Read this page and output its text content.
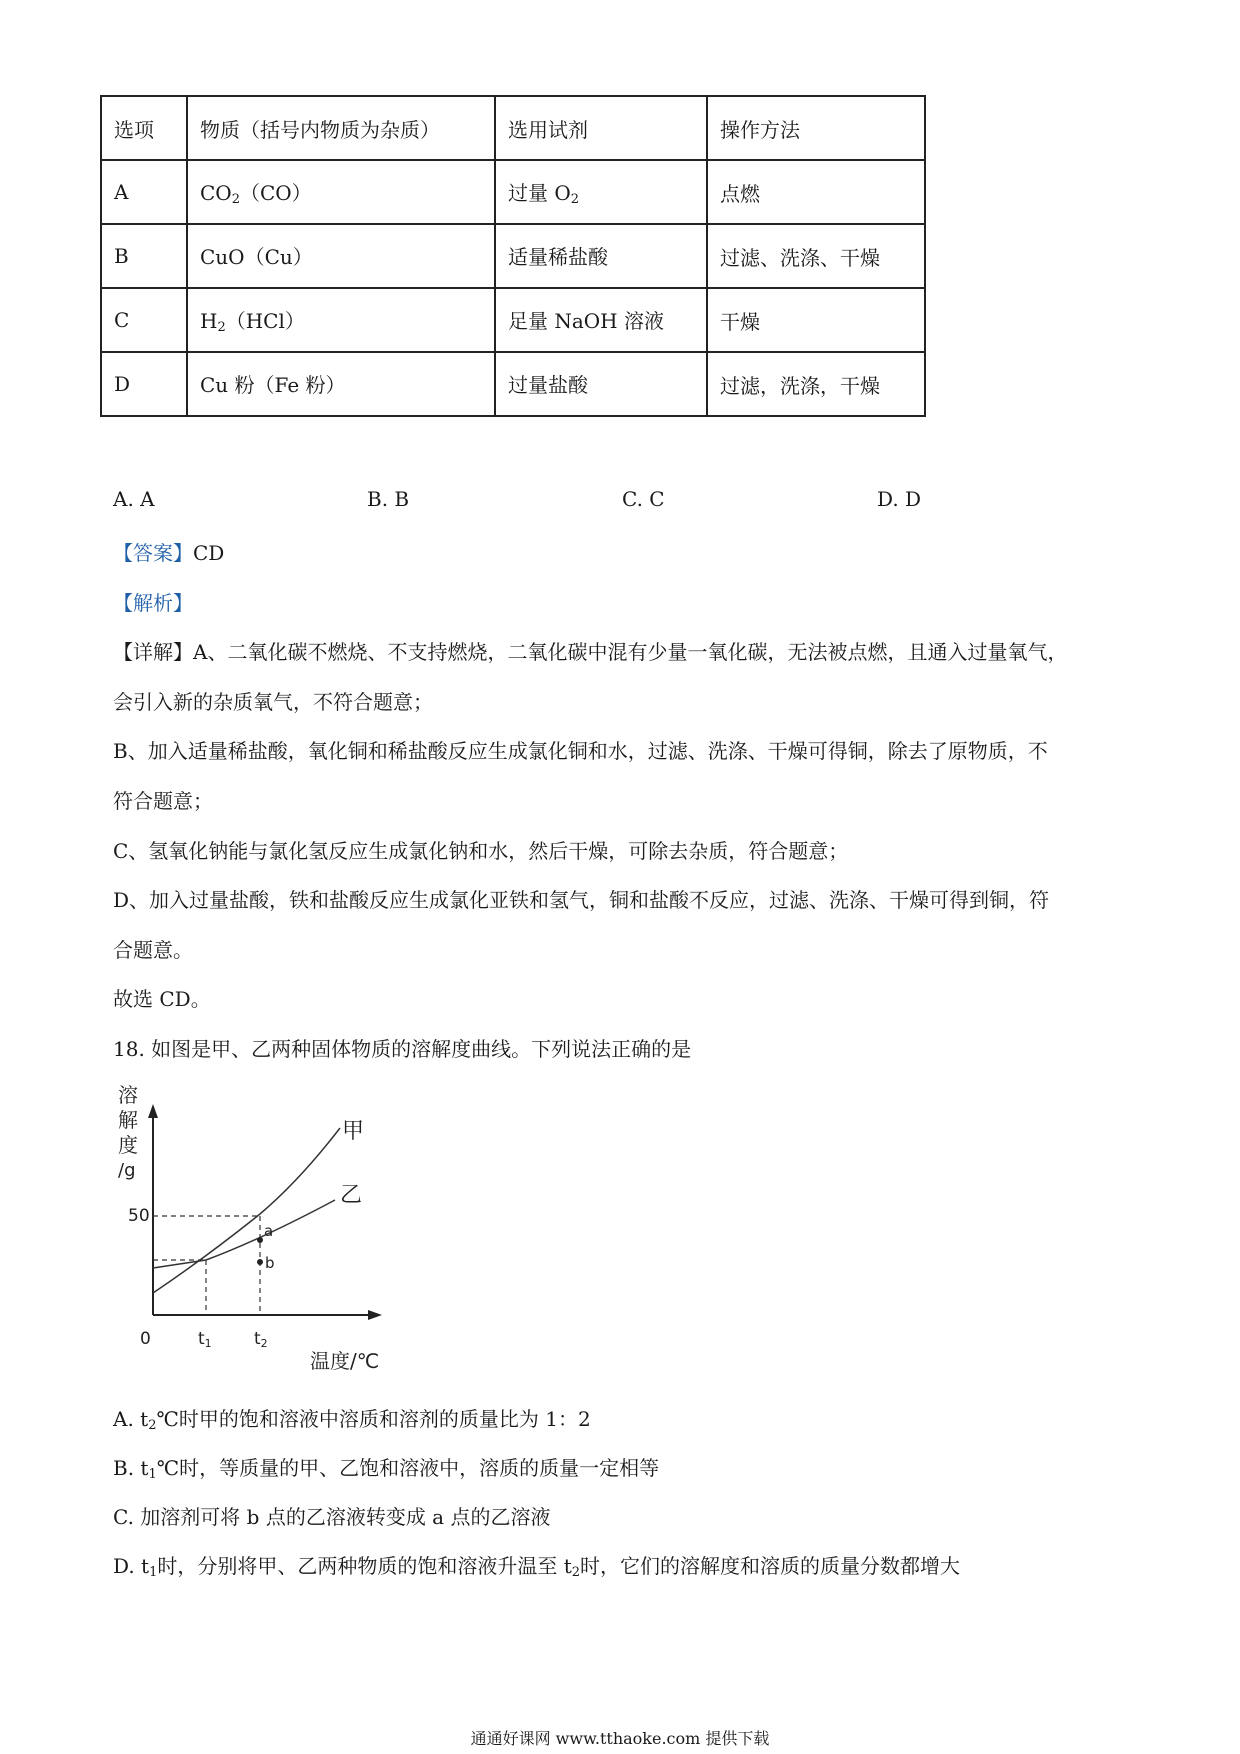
选项	物质（括号内物质为杂质）	选用试剂	操作方法
A	$CO_2(CO)$	过量 $O_2$	点燃
B	CuO（Cu）	适量稀盐酸	过滤、洗涤、干燥
C	$H_2(HCl)$	足量 NaOH 溶液	干燥
D	Cu 粉（Fe 粉）	过量盐酸	过滤，洗涤，干燥
A. A	B. B	C. C	D. D
【答案】CD
【解析】
【详解】A、二氧化碳不燃烧、不支持燃烧，二氧化碳中混有少量一氧化碳，无法被点燃，且通入过量氧气，
会引入新的杂质氧气，不符合题意；
B、加入适量稀盐酸，氧化铜和稀盐酸反应生成氯化铜和水，过滤、洗涤、干燥可得铜，除去了原物质，不
符合题意；
C、氢氧化钠能与氯化氢反应生成氯化钠和水，然后干燥，可除去杂质，符合题意；
D、加入过量盐酸，铁和盐酸反应生成氯化亚铁和氢气，铜和盐酸不反应，过滤、洗涤、干燥可得到铜，符
合题意。
故选 CD。
18. 如图是甲、乙两种固体物质的溶解度曲线。下列说法正确的是
溶
解
度
/g
50
0	t1 t2
温度/℃
甲
乙
a
b
A. $t_2℃$时甲的饱和溶液中溶质和溶剂的质量比为 1：2
B. $t_1℃$时，等质量的甲、乙饱和溶液中，溶质的质量一定相等
C. 加溶剂可将 b 点的乙溶液转变成 a 点的乙溶液
D. $t_1$时，分别将甲、乙两种物质的饱和溶液升温至 $t_2$时，它们的溶解度和溶质的质量分数都增大
通通好课网 www.tthaoke.com 提供下载
